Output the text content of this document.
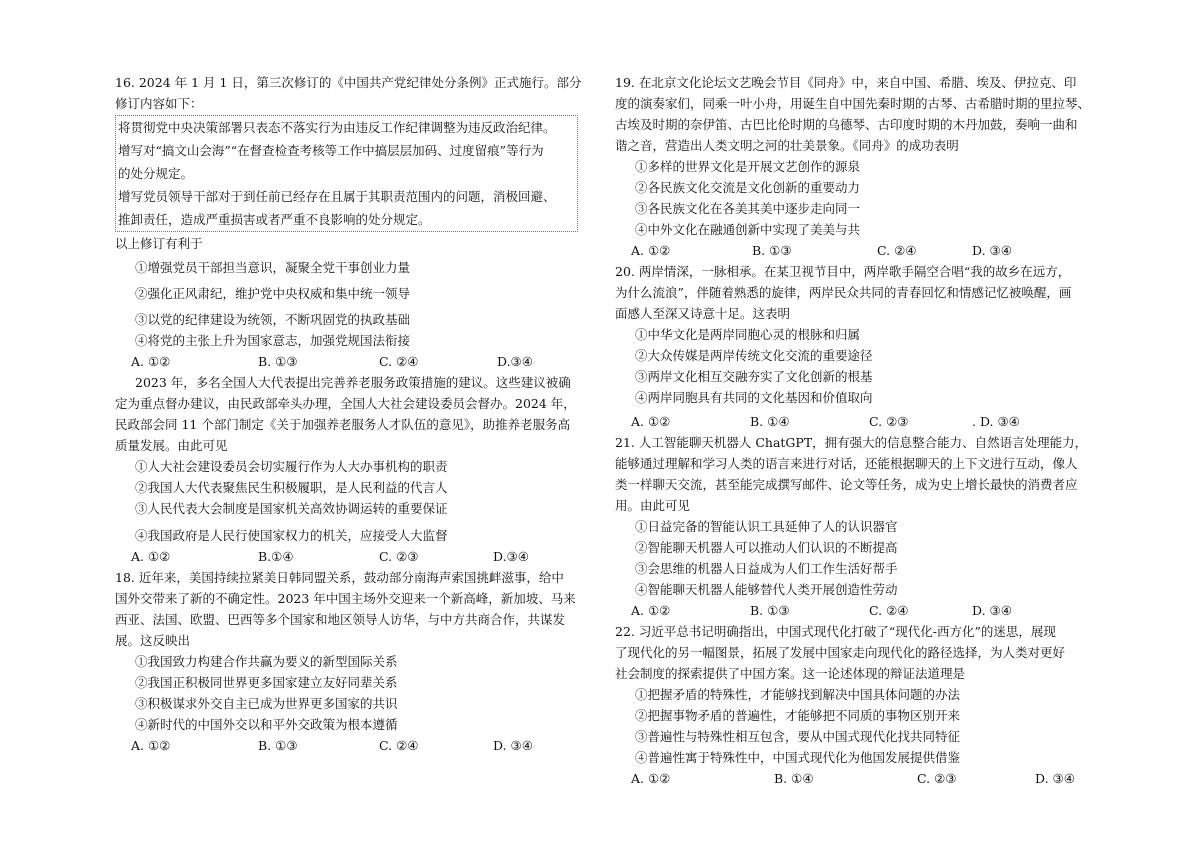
16. 2024 年 1 月 1 日，第三次修订的《中国共产党纪律处分条例》正式施行。部分
修订内容如下：
将贯彻党中央决策部署只表态不落实行为由违反工作纪律调整为违反政治纪律。
增写对“搞文山会海”“在督查检查考核等工作中搞层层加码、过度留痕”等行为
的处分规定。
增写党员领导干部对于到任前已经存在且属于其职责范围内的问题，消极回避、
推卸责任，造成严重损害或者严重不良影响的处分规定。
以上修订有利于
①增强党员干部担当意识，凝聚全党干事创业力量
②强化正风肃纪，维护党中央权威和集中统一领导
③以党的纪律建设为统领，不断巩固党的执政基础
④将党的主张上升为国家意志，加强党规国法衔接
A. ①②	B. ①③	C. ②④	D.③④
2023 年，多名全国人大代表提出完善养老服务政策措施的建议。这些建议被确
定为重点督办建议，由民政部牵头办理，全国人大社会建设委员会督办。2024 年，
民政部会同 11 个部门制定《关于加强养老服务人才队伍的意见》，助推养老服务高
质量发展。由此可见
①人大社会建设委员会切实履行作为人大办事机构的职责
②我国人大代表聚焦民生积极履职，是人民利益的代言人
③人民代表大会制度是国家机关高效协调运转的重要保证
④我国政府是人民行使国家权力的机关，应接受人大监督
A. ①②	B.①④	C. ②③	D.③④
18. 近年来，美国持续拉紧美日韩同盟关系，鼓动部分南海声索国挑衅滋事，给中
国外交带来了新的不确定性。2023 年中国主场外交迎来一个新高峰，新加坡、马来
西亚、法国、欧盟、巴西等多个国家和地区领导人访华，与中方共商合作，共谋发
展。这反映出
①我国致力构建合作共赢为要义的新型国际关系
②我国正积极同世界更多国家建立友好同辈关系
③积极谋求外交自主已成为世界更多国家的共识
④新时代的中国外交以和平外交政策为根本遵循
A. ①②	B. ①③	C. ②④	D. ③④
19. 在北京文化论坛文艺晚会节目《同舟》中，来自中国、希腊、埃及、伊拉克、印
度的演奏家们，同乘一叶小舟，用诞生自中国先秦时期的古琴、古希腊时期的里拉琴、
古埃及时期的奈伊笛、古巴比伦时期的乌德琴、古印度时期的木丹加鼓，奏响一曲和
谐之音，营造出人类文明之河的壮美景象。《同舟》的成功表明
①多样的世界文化是开展文艺创作的源泉
②各民族文化交流是文化创新的重要动力
③各民族文化在各美其美中逐步走向同一
④中外文化在融通创新中实现了美美与共
A. ①②	B. ①③	C. ②④	D. ③④
20. 两岸情深，一脉相承。在某卫视节目中，两岸歌手隔空合唱“我的故乡在远方，
为什么流浪”，伴随着熟悉的旋律，两岸民众共同的青春回忆和情感记忆被唤醒，画
面感人至深又诗意十足。这表明
①中华文化是两岸同胞心灵的根脉和归属
②大众传媒是两岸传统文化交流的重要途径
③两岸文化相互交融夯实了文化创新的根基
④两岸同胞具有共同的文化基因和价值取向
A. ①②	B. ①④	C. ②③	. D. ③④
21. 人工智能聊天机器人 ChatGPT，拥有强大的信息整合能力、自然语言处理能力，
能够通过理解和学习人类的语言来进行对话，还能根据聊天的上下文进行互动，像人
类一样聊天交流，甚至能完成撰写邮件、论文等任务，成为史上增长最快的消费者应
用。由此可见
①日益完备的智能认识工具延伸了人的认识器官
②智能聊天机器人可以推动人们认识的不断提高
③会思维的机器人日益成为人们工作生活好帮手
④智能聊天机器人能够替代人类开展创造性劳动
A. ①②	B. ①③	C. ②④	D. ③④
22. 习近平总书记明确指出，中国式现代化打破了“现代化-西方化”的迷思，展现
了现代化的另一幅图景，拓展了发展中国家走向现代化的路径选择，为人类对更好
社会制度的探索提供了中国方案。这一论述体现的辩证法道理是
①把握矛盾的特殊性，才能够找到解决中国具体问题的办法
②把握事物矛盾的普遍性，才能够把不同质的事物区别开来
③普遍性与特殊性相互包含，要从中国式现代化找共同特征
④普遍性寓于特殊性中，中国式现代化为他国发展提供借鉴
A. ①②	B. ①④	C. ②③	D. ③④
